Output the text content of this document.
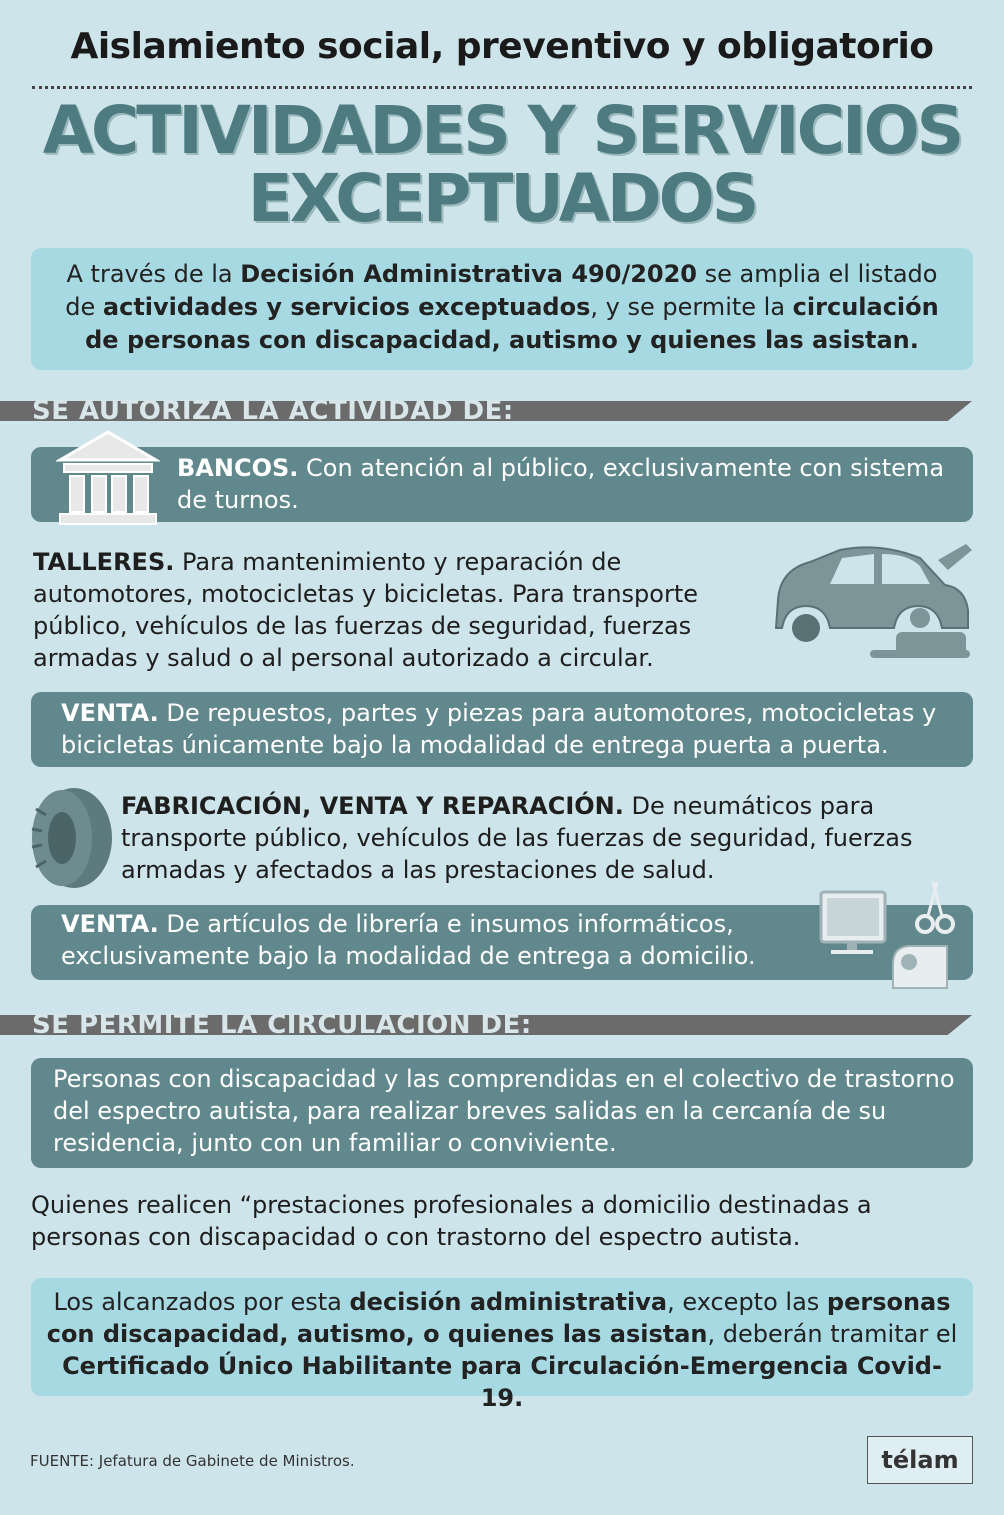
Aislamiento social, preventivo y obligatorio
ACTIVIDADES Y SERVICIOS
EXCEPTUADOS

A través de la Decisión Administrativa 490/2020 se amplia el listado de actividades y servicios exceptuados, y se permite la circulación de personas con discapacidad, autismo y quienes las asistan.

SE AUTORIZA LA ACTIVIDAD DE:

BANCOS. Con atención al público, exclusivamente con sistema de turnos.

TALLERES. Para mantenimiento y reparación de automotores, motocicletas y bicicletas. Para transporte público, vehículos de las fuerzas de seguridad, fuerzas armadas y salud o al personal autorizado a circular.

VENTA. De repuestos, partes y piezas para automotores, motocicletas y bicicletas únicamente bajo la modalidad de entrega puerta a puerta.

FABRICACIÓN, VENTA Y REPARACIÓN. De neumáticos para transporte público, vehículos de las fuerzas de seguridad, fuerzas armadas y afectados a las prestaciones de salud.

VENTA. De artículos de librería e insumos informáticos, exclusivamente bajo la modalidad de entrega a domicilio.

SE PERMITE LA CIRCULACIÓN DE:

Personas con discapacidad y las comprendidas en el colectivo de trastorno del espectro autista, para realizar breves salidas en la cercanía de su residencia, junto con un familiar o conviviente.

Quienes realicen “prestaciones profesionales a domicilio destinadas a personas con discapacidad o con trastorno del espectro autista.

Los alcanzados por esta decisión administrativa, excepto las personas con discapacidad, autismo, o quienes las asistan, deberán tramitar el Certificado Único Habilitante para Circulación-Emergencia Covid-19.

FUENTE: Jefatura de Gabinete de Ministros.	télam
